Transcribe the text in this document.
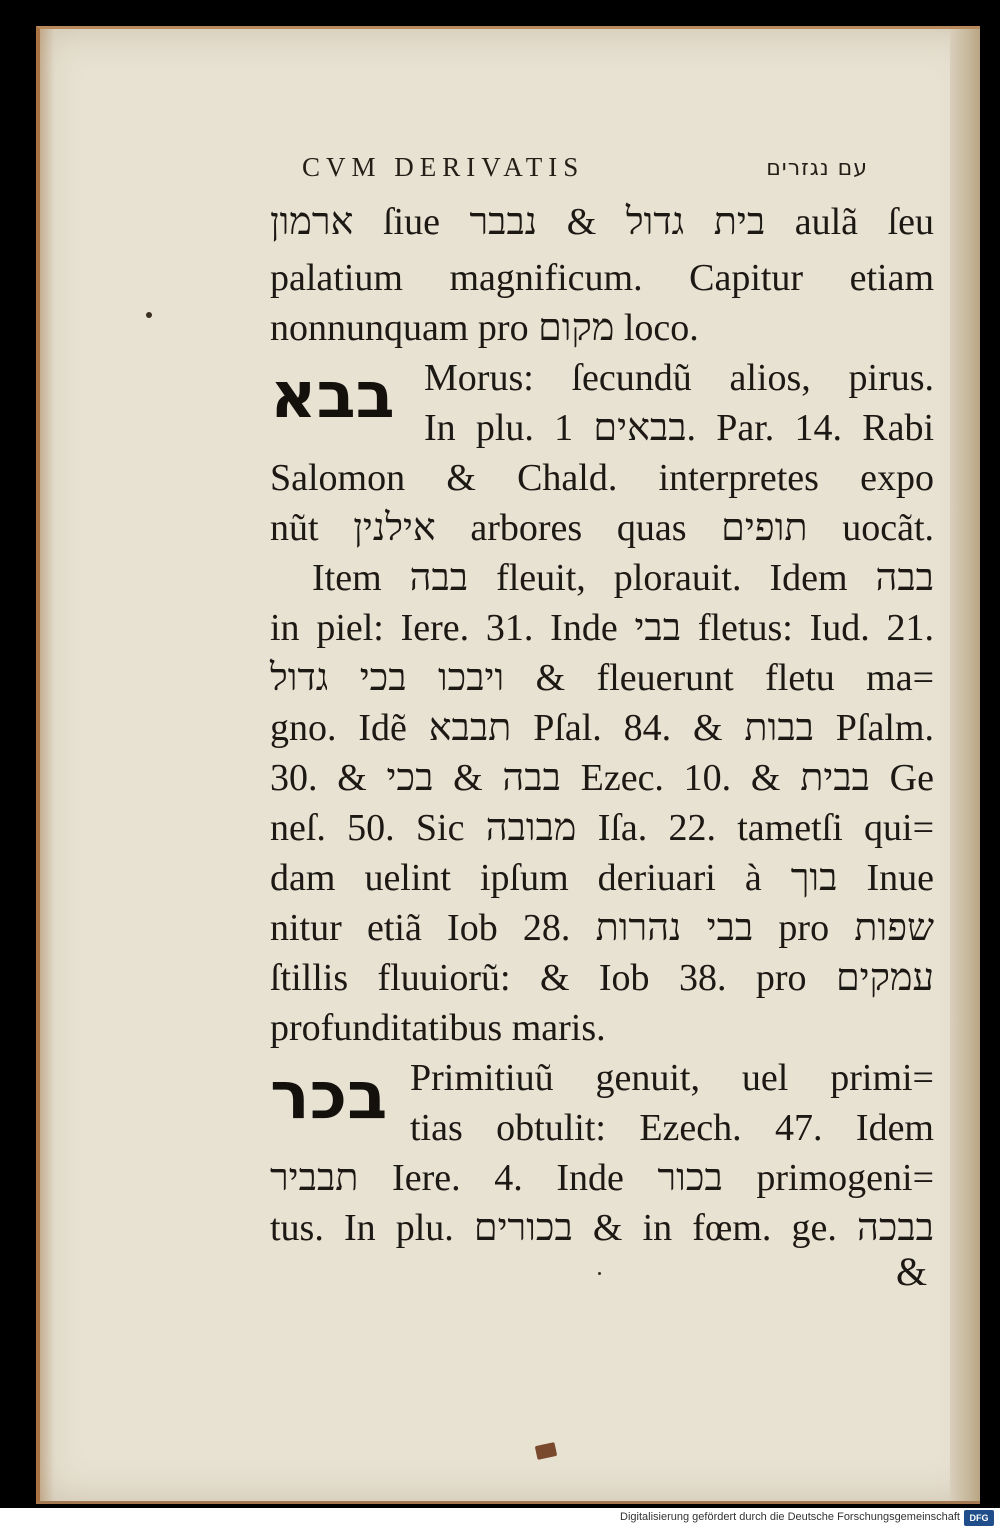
CVM DERIVATIS	עם נגזרים
ארמון ſiue בית גדול & נבבר aulã ſeu
palatium magnificum. Capitur etiam
nonnunquam pro מקום loco.
בבא Morus: ſecundũ alios, pirus.
In plu. בבאים 1. Par. 14. Rabi
Salomon & Chald. interpretes expo
nũt אילנין arbores quas תופים uocãt.
Item בבה fleuit, plorauit. Idem בבה
in piel: Iere. 31. Inde בבי fletus: Iud. 21.
ויבכו בכי גדול & fleuerunt fletu ma=
gno. Idẽ תבבא Pſal. 84. & בבות Pſalm.
30. & בבה & בכי Ezec. 10. & בבית Ge
neſ. 50. Sic מבובה Iſa. 22. tametſi qui=
dam uelint ipſum deriuari à בוך Inue
nitur etiã Iob 28. בבי נהרות pro שפות
ſtillis fluuiorũ: & Iob 38. pro עמקים
profunditatibus maris.
בכר Primitiuũ genuit, uel primi=
tias obtulit: Ezech. 47. Idem
תבביר Iere. 4. Inde בכור primogeni=
tus. In plu. בכורים & in fœm. ge. בבכה
&
Digitalisierung gefördert durch die Deutsche Forschungsgemeinschaft	DFG
